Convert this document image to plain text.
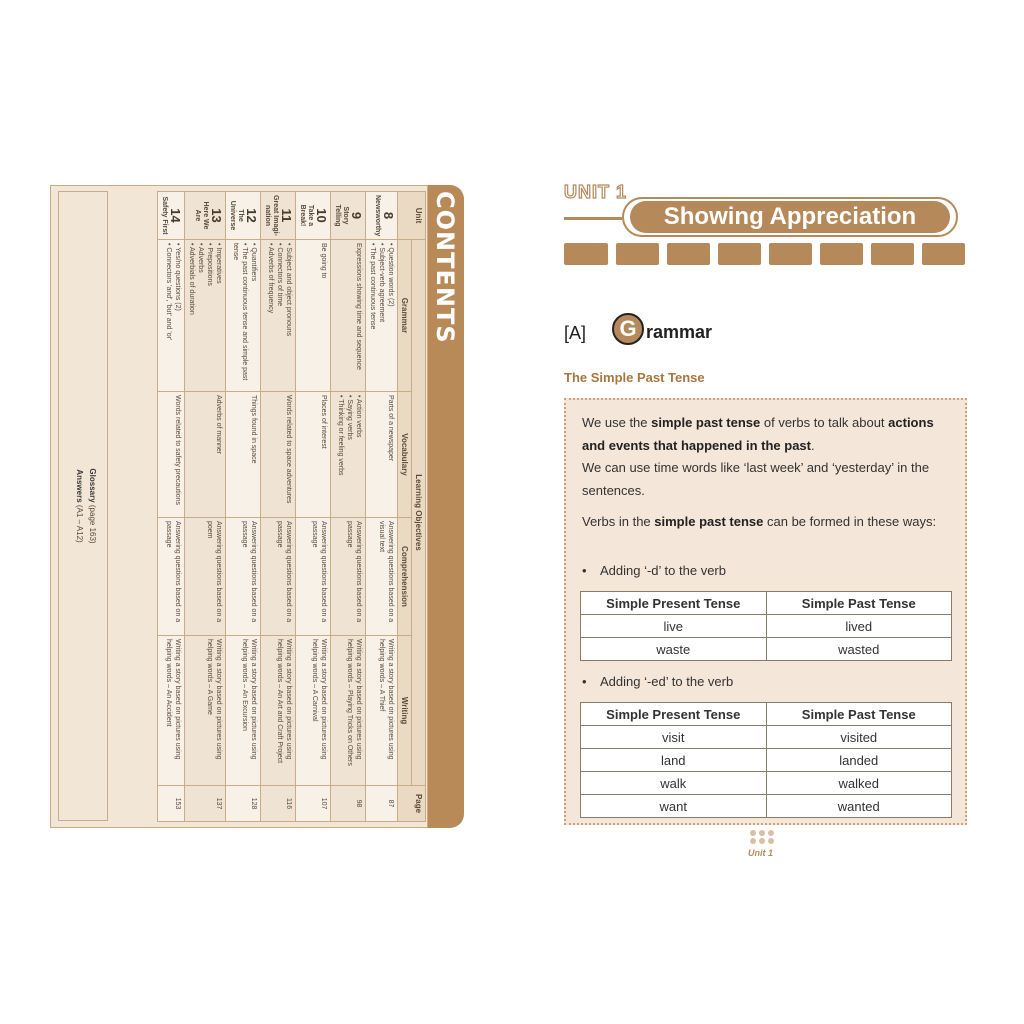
CONTENTS
Unit	Learning Objectives				Page
	Grammar	Vocabulary	Comprehension	Writing	

8
Newsworthy	• Question words (2)
• Subject-verb agreement
• The past continuous tense	Parts of a newspaper	Answering questions based on a visual text	Writing a story based on pictures using helping words – A Thief	87

9
Story Telling	Expressions showing time and sequence	• Action verbs
• Saying verbs
• Thinking or feeling verbs	Answering questions based on a passage	Writing a story based on pictures using helping words – Playing Tricks on Others	98

10
Take a Break!	Be going to	Places of interest	Answering questions based on a passage	Writing a story based on pictures using helping words – A Carnival	107

11
Great Imagi-nation	• Subject and object pronouns
• Connectors of time
• Adverbs of frequency	Words related to space adventures	Answering questions based on a passage	Writing a story based on pictures using helping words – An Art and Craft Project	116

12
The Universe	• Quantifiers
• The past continuous tense and simple past tense	Things found in space	Answering questions based on a passage	Writing a story based on pictures using helping words – An Excursion	128

13
Here We Are	• Imperatives
• Prepositions
• Adverbs
• Adverbials of duration	Adverbs of manner	Answering questions based on a poem	Writing a story based on pictures using helping words – A Game	137

14
Safety First	• Yes/no questions (2)
• Connectors 'and', 'but' and 'or'	Words related to safety precautions	Answering questions based on a passage	Writing a story based on pictures using helping words – An Accident	153
Glossary (page 163)
Answers (A1 – A12)
UNIT 1
Showing Appreciation
[A]	G rammar
The Simple Past Tense

We use the simple past tense of verbs to talk about actions and events that happened in the past.
We can use time words like ‘last week’ and ‘yesterday’ in the sentences.

Verbs in the simple past tense can be formed in these ways:

• Adding ‘-d’ to the verb
Simple Present Tense	Simple Past Tense
live	lived
waste	wasted
• Adding ‘-ed’ to the verb
Simple Present Tense	Simple Past Tense
visit	visited
land	landed
walk	walked
want	wanted
Unit 1
